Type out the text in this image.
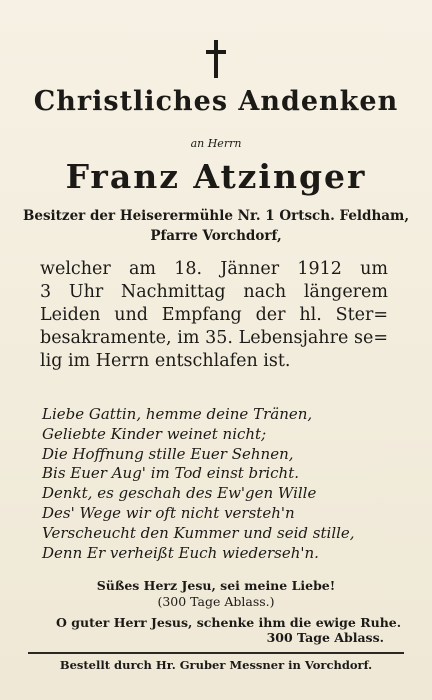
Christliches Andenken
an Herrn
Franz Atzinger
Besitzer der Heiserermühle Nr. 1 Ortsch. Feldham,
Pfarre Vorchdorf,
welcher am 18. Jänner 1912 um
3 Uhr Nachmittag nach längerem
Leiden und Empfang der hl. Ster=
besakramente, im 35. Lebensjahre se=
lig im Herrn entschlafen ist.
Liebe Gattin, hemme deine Tränen,
Geliebte Kinder weinet nicht;
Die Hoffnung stille Euer Sehnen,
Bis Euer Aug' im Tod einst bricht.
Denkt, es geschah des Ew'gen Wille
Des' Wege wir oft nicht versteh'n
Verscheucht den Kummer und seid stille,
Denn Er verheißt Euch wiederseh'n.
Süßes Herz Jesu, sei meine Liebe!
(300 Tage Ablass.)
O guter Herr Jesus, schenke ihm die ewige Ruhe.
300 Tage Ablass.
Bestellt durch Hr. Gruber Messner in Vorchdorf.
